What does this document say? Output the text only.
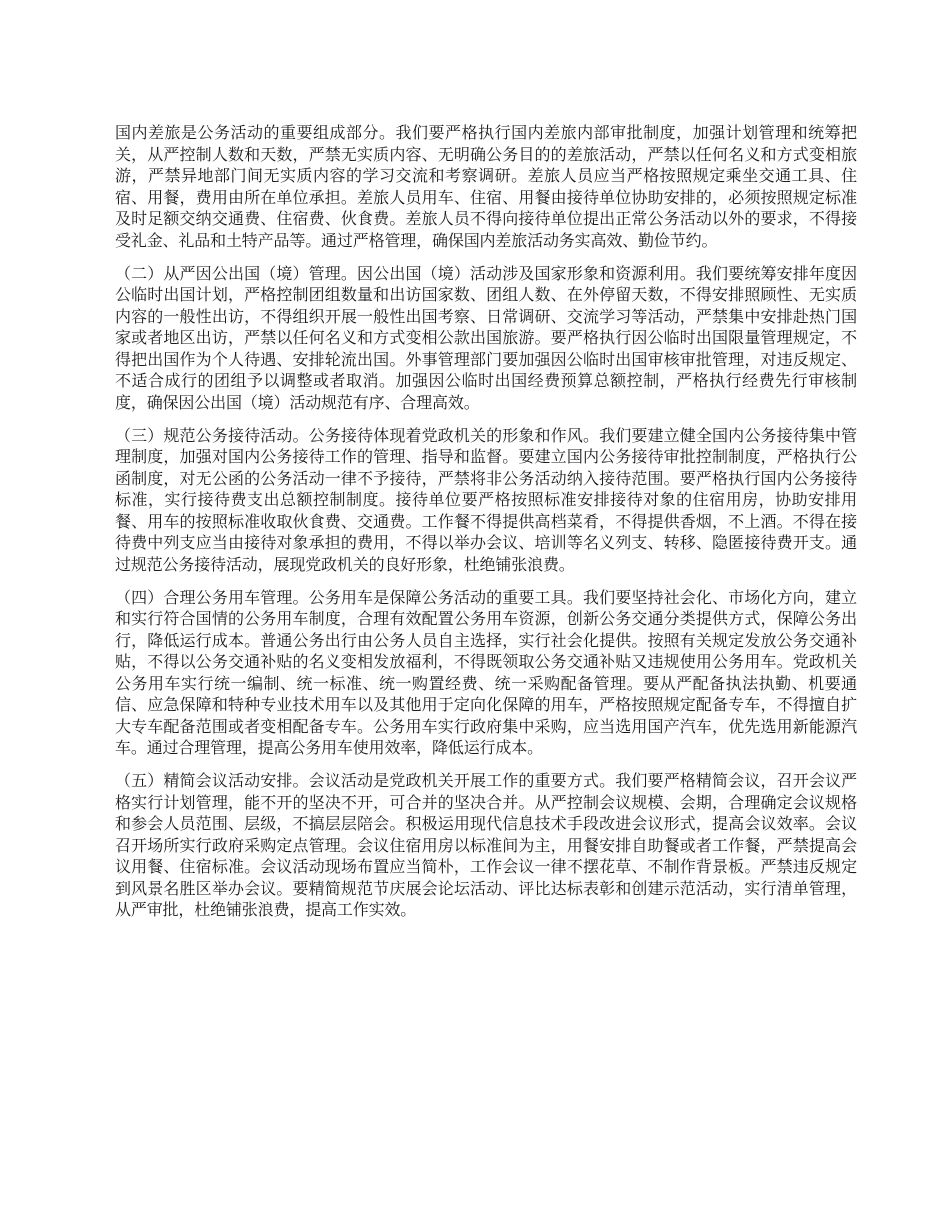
国内差旅是公务活动的重要组成部分。我们要严格执行国内差旅内部审批制度，加强计划管理和统筹把关，从严控制人数和天数，严禁无实质内容、无明确公务目的的差旅活动，严禁以任何名义和方式变相旅游，严禁异地部门间无实质内容的学习交流和考察调研。差旅人员应当严格按照规定乘坐交通工具、住宿、用餐，费用由所在单位承担。差旅人员用车、住宿、用餐由接待单位协助安排的，必须按照规定标准及时足额交纳交通费、住宿费、伙食费。差旅人员不得向接待单位提出正常公务活动以外的要求，不得接受礼金、礼品和土特产品等。通过严格管理，确保国内差旅活动务实高效、勤俭节约。

（二）从严因公出国（境）管理。因公出国（境）活动涉及国家形象和资源利用。我们要统筹安排年度因公临时出国计划，严格控制团组数量和出访国家数、团组人数、在外停留天数，不得安排照顾性、无实质内容的一般性出访，不得组织开展一般性出国考察、日常调研、交流学习等活动，严禁集中安排赴热门国家或者地区出访，严禁以任何名义和方式变相公款出国旅游。要严格执行因公临时出国限量管理规定，不得把出国作为个人待遇、安排轮流出国。外事管理部门要加强因公临时出国审核审批管理，对违反规定、不适合成行的团组予以调整或者取消。加强因公临时出国经费预算总额控制，严格执行经费先行审核制度，确保因公出国（境）活动规范有序、合理高效。

（三）规范公务接待活动。公务接待体现着党政机关的形象和作风。我们要建立健全国内公务接待集中管理制度，加强对国内公务接待工作的管理、指导和监督。要建立国内公务接待审批控制制度，严格执行公函制度，对无公函的公务活动一律不予接待，严禁将非公务活动纳入接待范围。要严格执行国内公务接待标准，实行接待费支出总额控制制度。接待单位要严格按照标准安排接待对象的住宿用房，协助安排用餐、用车的按照标准收取伙食费、交通费。工作餐不得提供高档菜肴，不得提供香烟，不上酒。不得在接待费中列支应当由接待对象承担的费用，不得以举办会议、培训等名义列支、转移、隐匿接待费开支。通过规范公务接待活动，展现党政机关的良好形象，杜绝铺张浪费。

（四）合理公务用车管理。公务用车是保障公务活动的重要工具。我们要坚持社会化、市场化方向，建立和实行符合国情的公务用车制度，合理有效配置公务用车资源，创新公务交通分类提供方式，保障公务出行，降低运行成本。普通公务出行由公务人员自主选择，实行社会化提供。按照有关规定发放公务交通补贴，不得以公务交通补贴的名义变相发放福利，不得既领取公务交通补贴又违规使用公务用车。党政机关公务用车实行统一编制、统一标准、统一购置经费、统一采购配备管理。要从严配备执法执勤、机要通信、应急保障和特种专业技术用车以及其他用于定向化保障的用车，严格按照规定配备专车，不得擅自扩大专车配备范围或者变相配备专车。公务用车实行政府集中采购，应当选用国产汽车，优先选用新能源汽车。通过合理管理，提高公务用车使用效率，降低运行成本。

（五）精简会议活动安排。会议活动是党政机关开展工作的重要方式。我们要严格精简会议，召开会议严格实行计划管理，能不开的坚决不开，可合并的坚决合并。从严控制会议规模、会期，合理确定会议规格和参会人员范围、层级，不搞层层陪会。积极运用现代信息技术手段改进会议形式，提高会议效率。会议召开场所实行政府采购定点管理。会议住宿用房以标准间为主，用餐安排自助餐或者工作餐，严禁提高会议用餐、住宿标准。会议活动现场布置应当简朴，工作会议一律不摆花草、不制作背景板。严禁违反规定到风景名胜区举办会议。要精简规范节庆展会论坛活动、评比达标表彰和创建示范活动，实行清单管理，从严审批，杜绝铺张浪费，提高工作实效。
